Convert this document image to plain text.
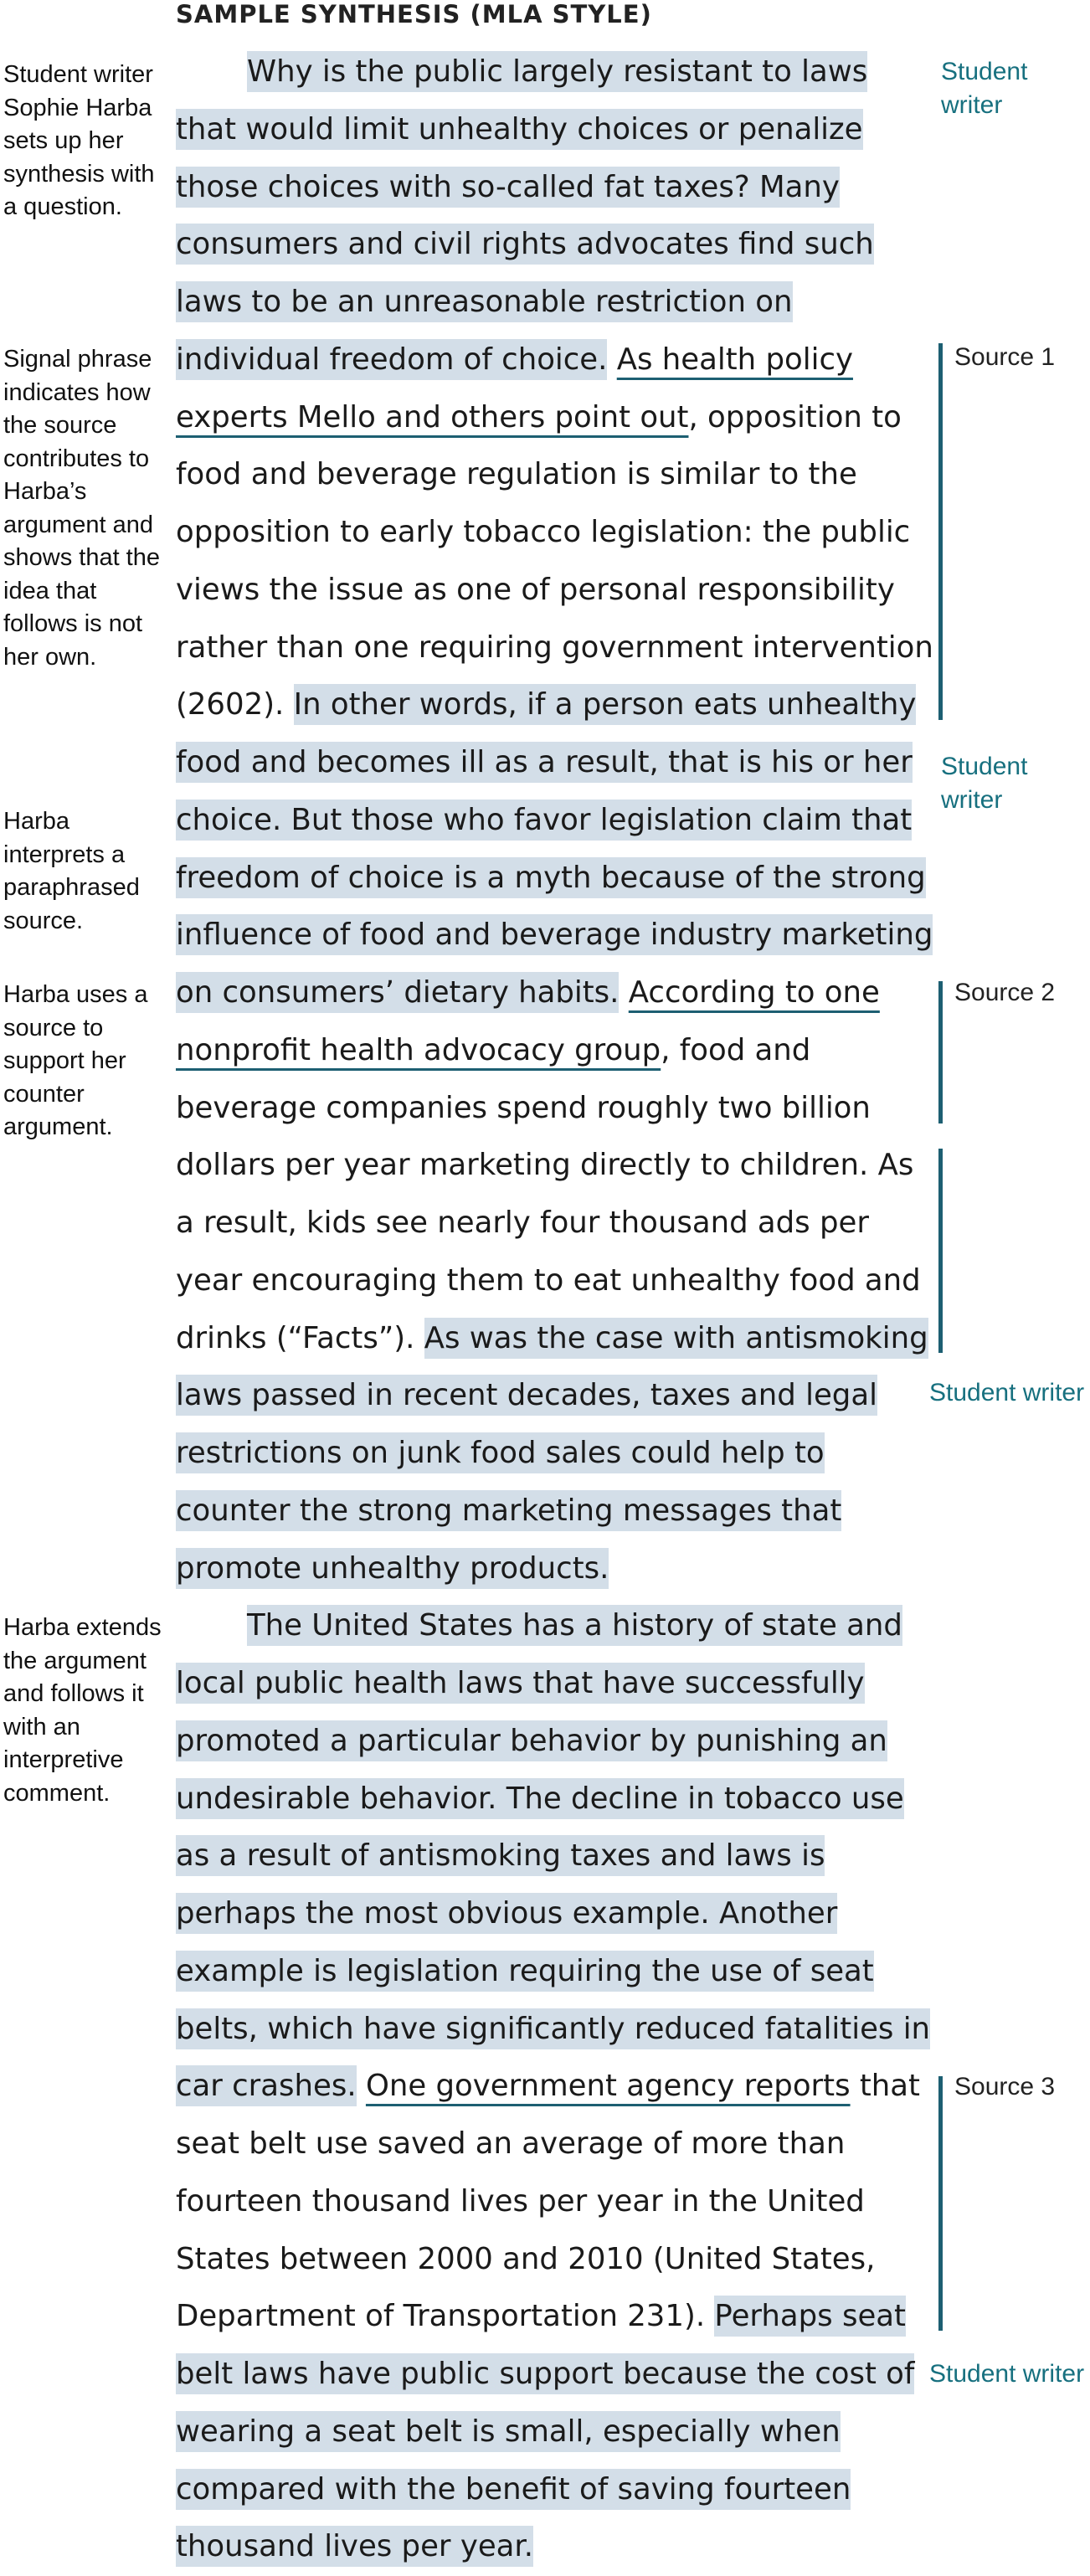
SAMPLE SYNTHESIS (MLA STYLE)
Student writer Sophie Harba sets up her synthesis with a question.
Signal phrase indicates how the source contributes to Harba’s argument and shows that the idea that follows is not her own.
Harba interprets a paraphrased source.
Harba uses a source to support her counter argument.
Harba extends the argument and follows it with an interpretive comment.

Why is the public largely resistant to laws that would limit unhealthy choices or penalize those choices with so-called fat taxes? Many consumers and civil rights advocates find such laws to be an unreasonable restriction on individual freedom of choice. As health policy experts Mello and others point out, opposition to food and beverage regulation is similar to the opposition to early tobacco legislation: the public views the issue as one of personal responsibility rather than one requiring government intervention (2602). In other words, if a person eats unhealthy food and becomes ill as a result, that is his or her choice. But those who favor legislation claim that freedom of choice is a myth because of the strong influence of food and beverage industry marketing on consumers’ dietary habits. According to one nonprofit health advocacy group, food and beverage companies spend roughly two billion dollars per year marketing directly to children. As a result, kids see nearly four thousand ads per year encouraging them to eat unhealthy food and drinks (“Facts”). As was the case with antismoking laws passed in recent decades, taxes and legal restrictions on junk food sales could help to counter the strong marketing messages that promote unhealthy products.

The United States has a history of state and local public health laws that have successfully promoted a particular behavior by punishing an undesirable behavior. The decline in tobacco use as a result of antismoking taxes and laws is perhaps the most obvious example. Another example is legislation requiring the use of seat belts, which have significantly reduced fatalities in car crashes. One government agency reports that seat belt use saved an average of more than fourteen thousand lives per year in the United States between 2000 and 2010 (United States, Department of Transportation 231). Perhaps seat belt laws have public support because the cost of wearing a seat belt is small, especially when compared with the benefit of saving fourteen thousand lives per year.

Student writer
Source 1
Student writer
Source 2
Student writer
Source 3
Student writer
